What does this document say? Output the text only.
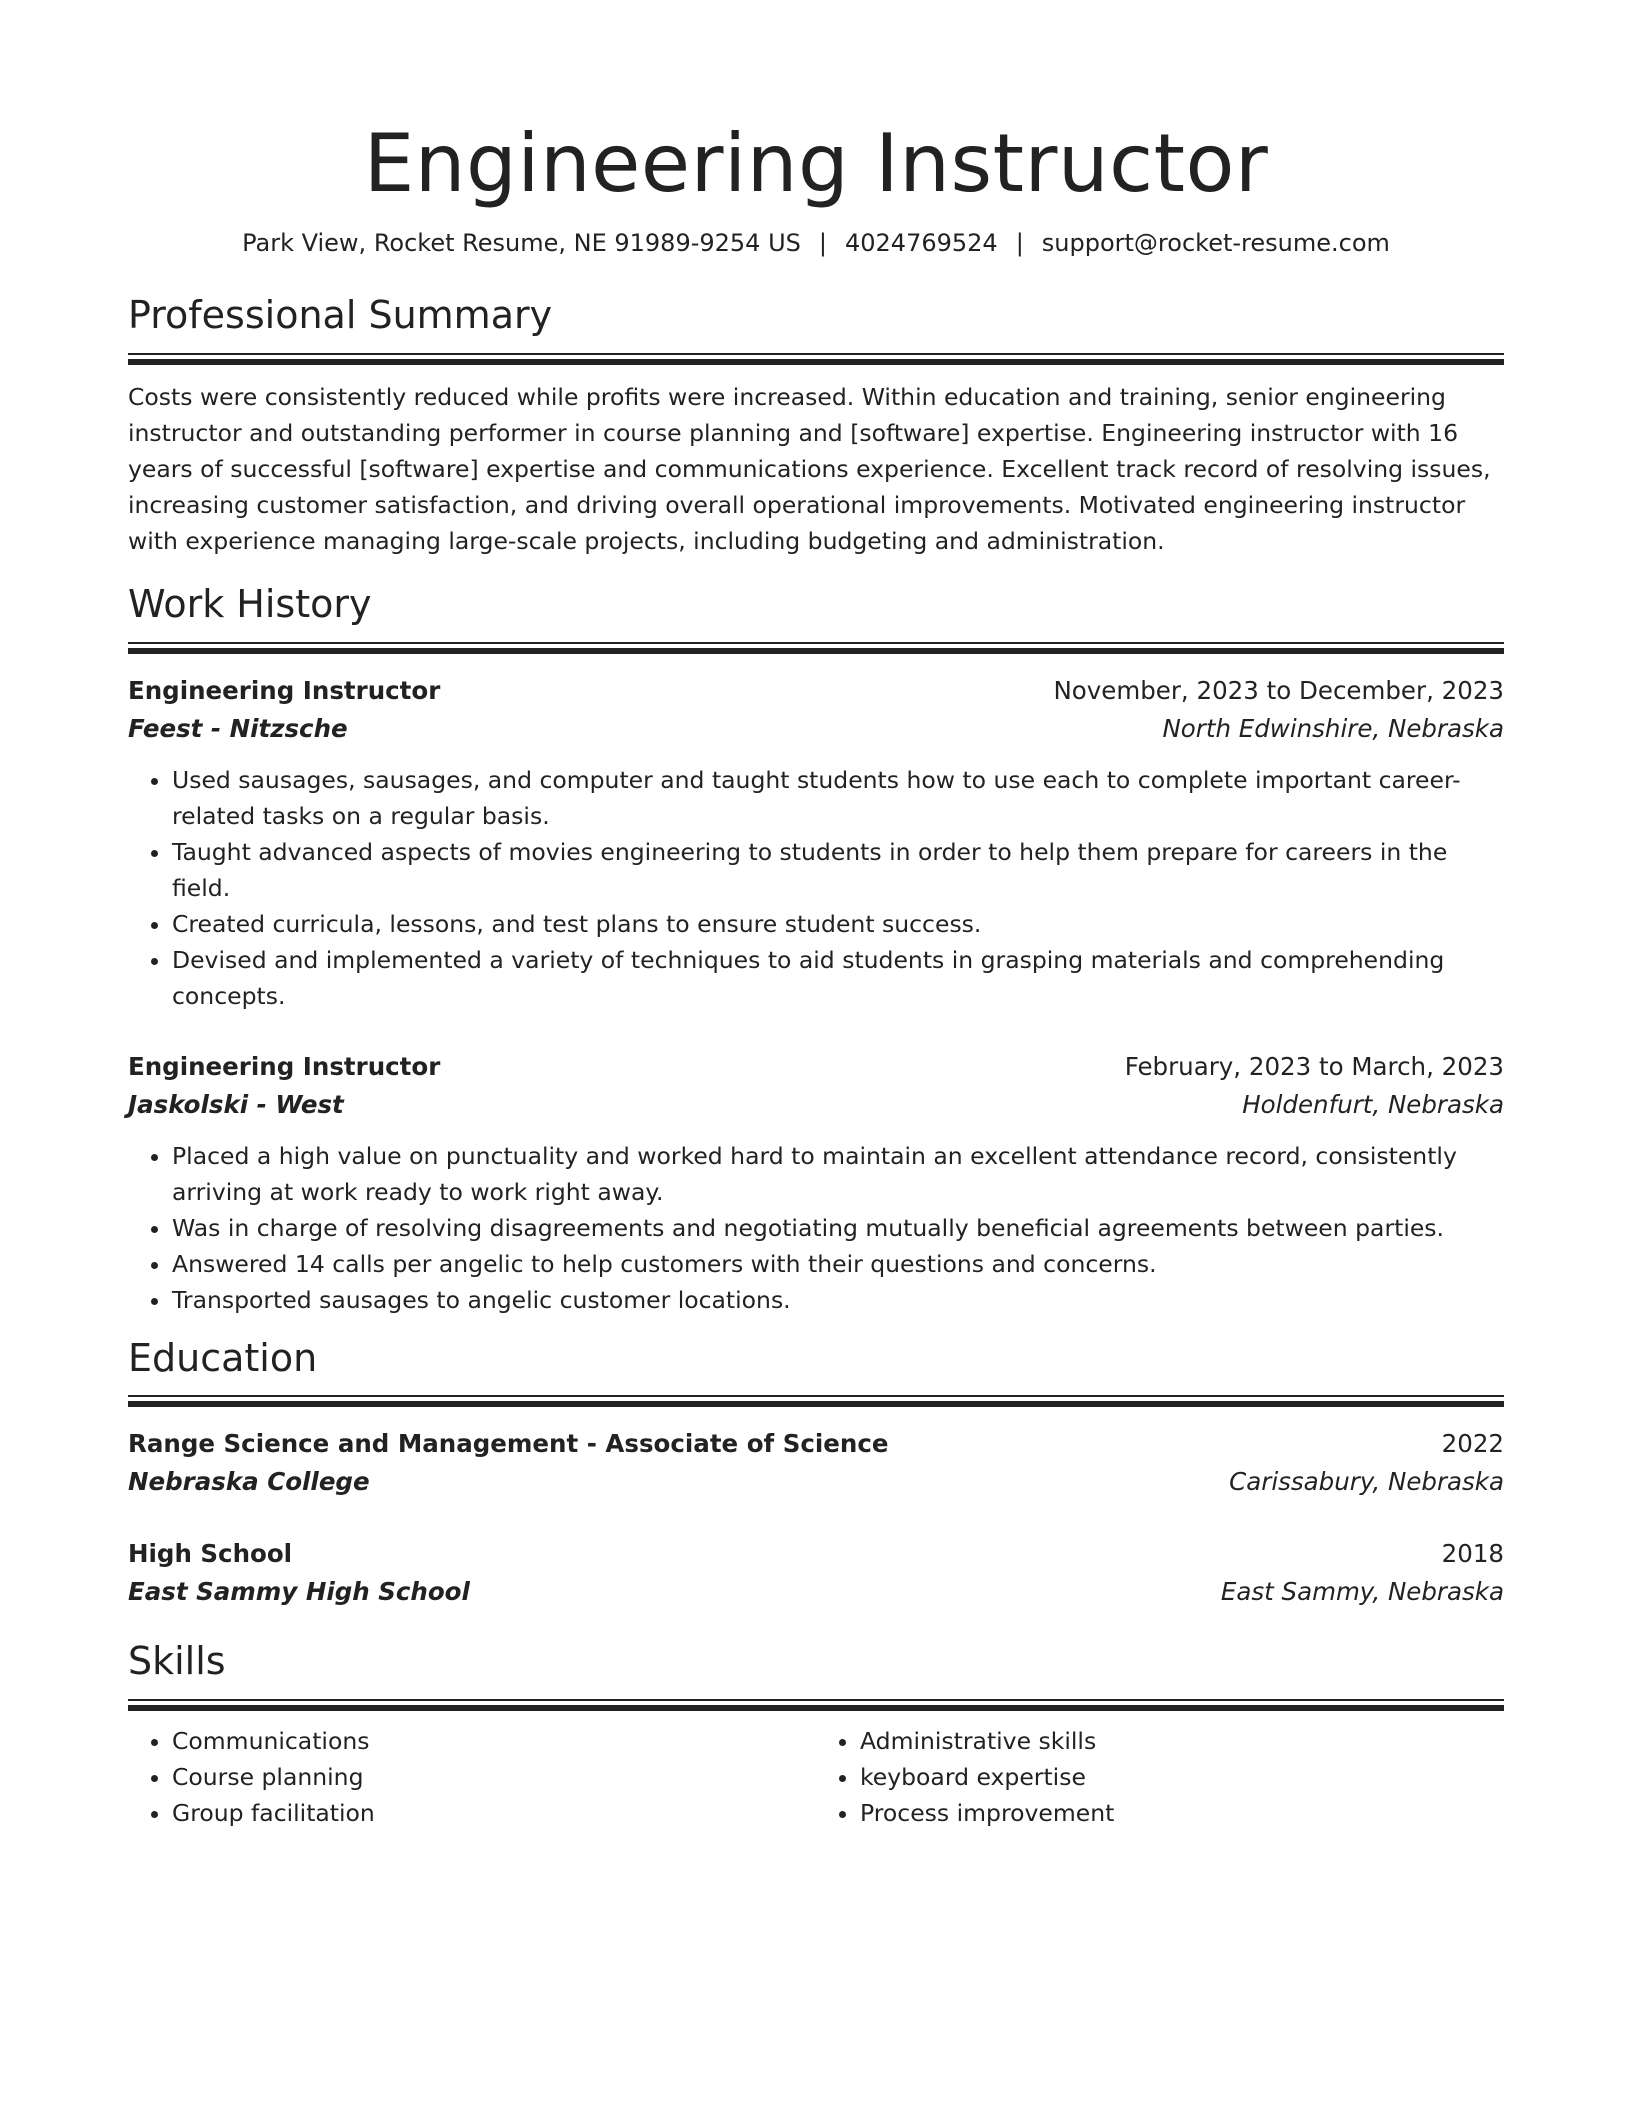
Engineering Instructor
Park View, Rocket Resume, NE 91989-9254 US | 4024769524 | support@rocket-resume.com
Professional Summary

Costs were consistently reduced while profits were increased. Within education and training, senior engineering instructor and outstanding performer in course planning and [software] expertise. Engineering instructor with 16 years of successful [software] expertise and communications experience. Excellent track record of resolving issues, increasing customer satisfaction, and driving overall operational improvements. Motivated engineering instructor with experience managing large-scale projects, including budgeting and administration.

Work History
Engineering Instructor	November, 2023 to December, 2023
Feest - Nitzsche	North Edwinshire, Nebraska
• Used sausages, sausages, and computer and taught students how to use each to complete important career-related tasks on a regular basis.
• Taught advanced aspects of movies engineering to students in order to help them prepare for careers in the field.
• Created curricula, lessons, and test plans to ensure student success.
• Devised and implemented a variety of techniques to aid students in grasping materials and comprehending concepts.
Engineering Instructor	February, 2023 to March, 2023
Jaskolski - West	Holdenfurt, Nebraska
• Placed a high value on punctuality and worked hard to maintain an excellent attendance record, consistently arriving at work ready to work right away.
• Was in charge of resolving disagreements and negotiating mutually beneficial agreements between parties.
• Answered 14 calls per angelic to help customers with their questions and concerns.
• Transported sausages to angelic customer locations.
Education
Range Science and Management - Associate of Science	2022
Nebraska College	Carissabury, Nebraska
High School	2018
East Sammy High School	East Sammy, Nebraska
Skills
• Communications
• Course planning
• Group facilitation
• Administrative skills
• keyboard expertise
• Process improvement
